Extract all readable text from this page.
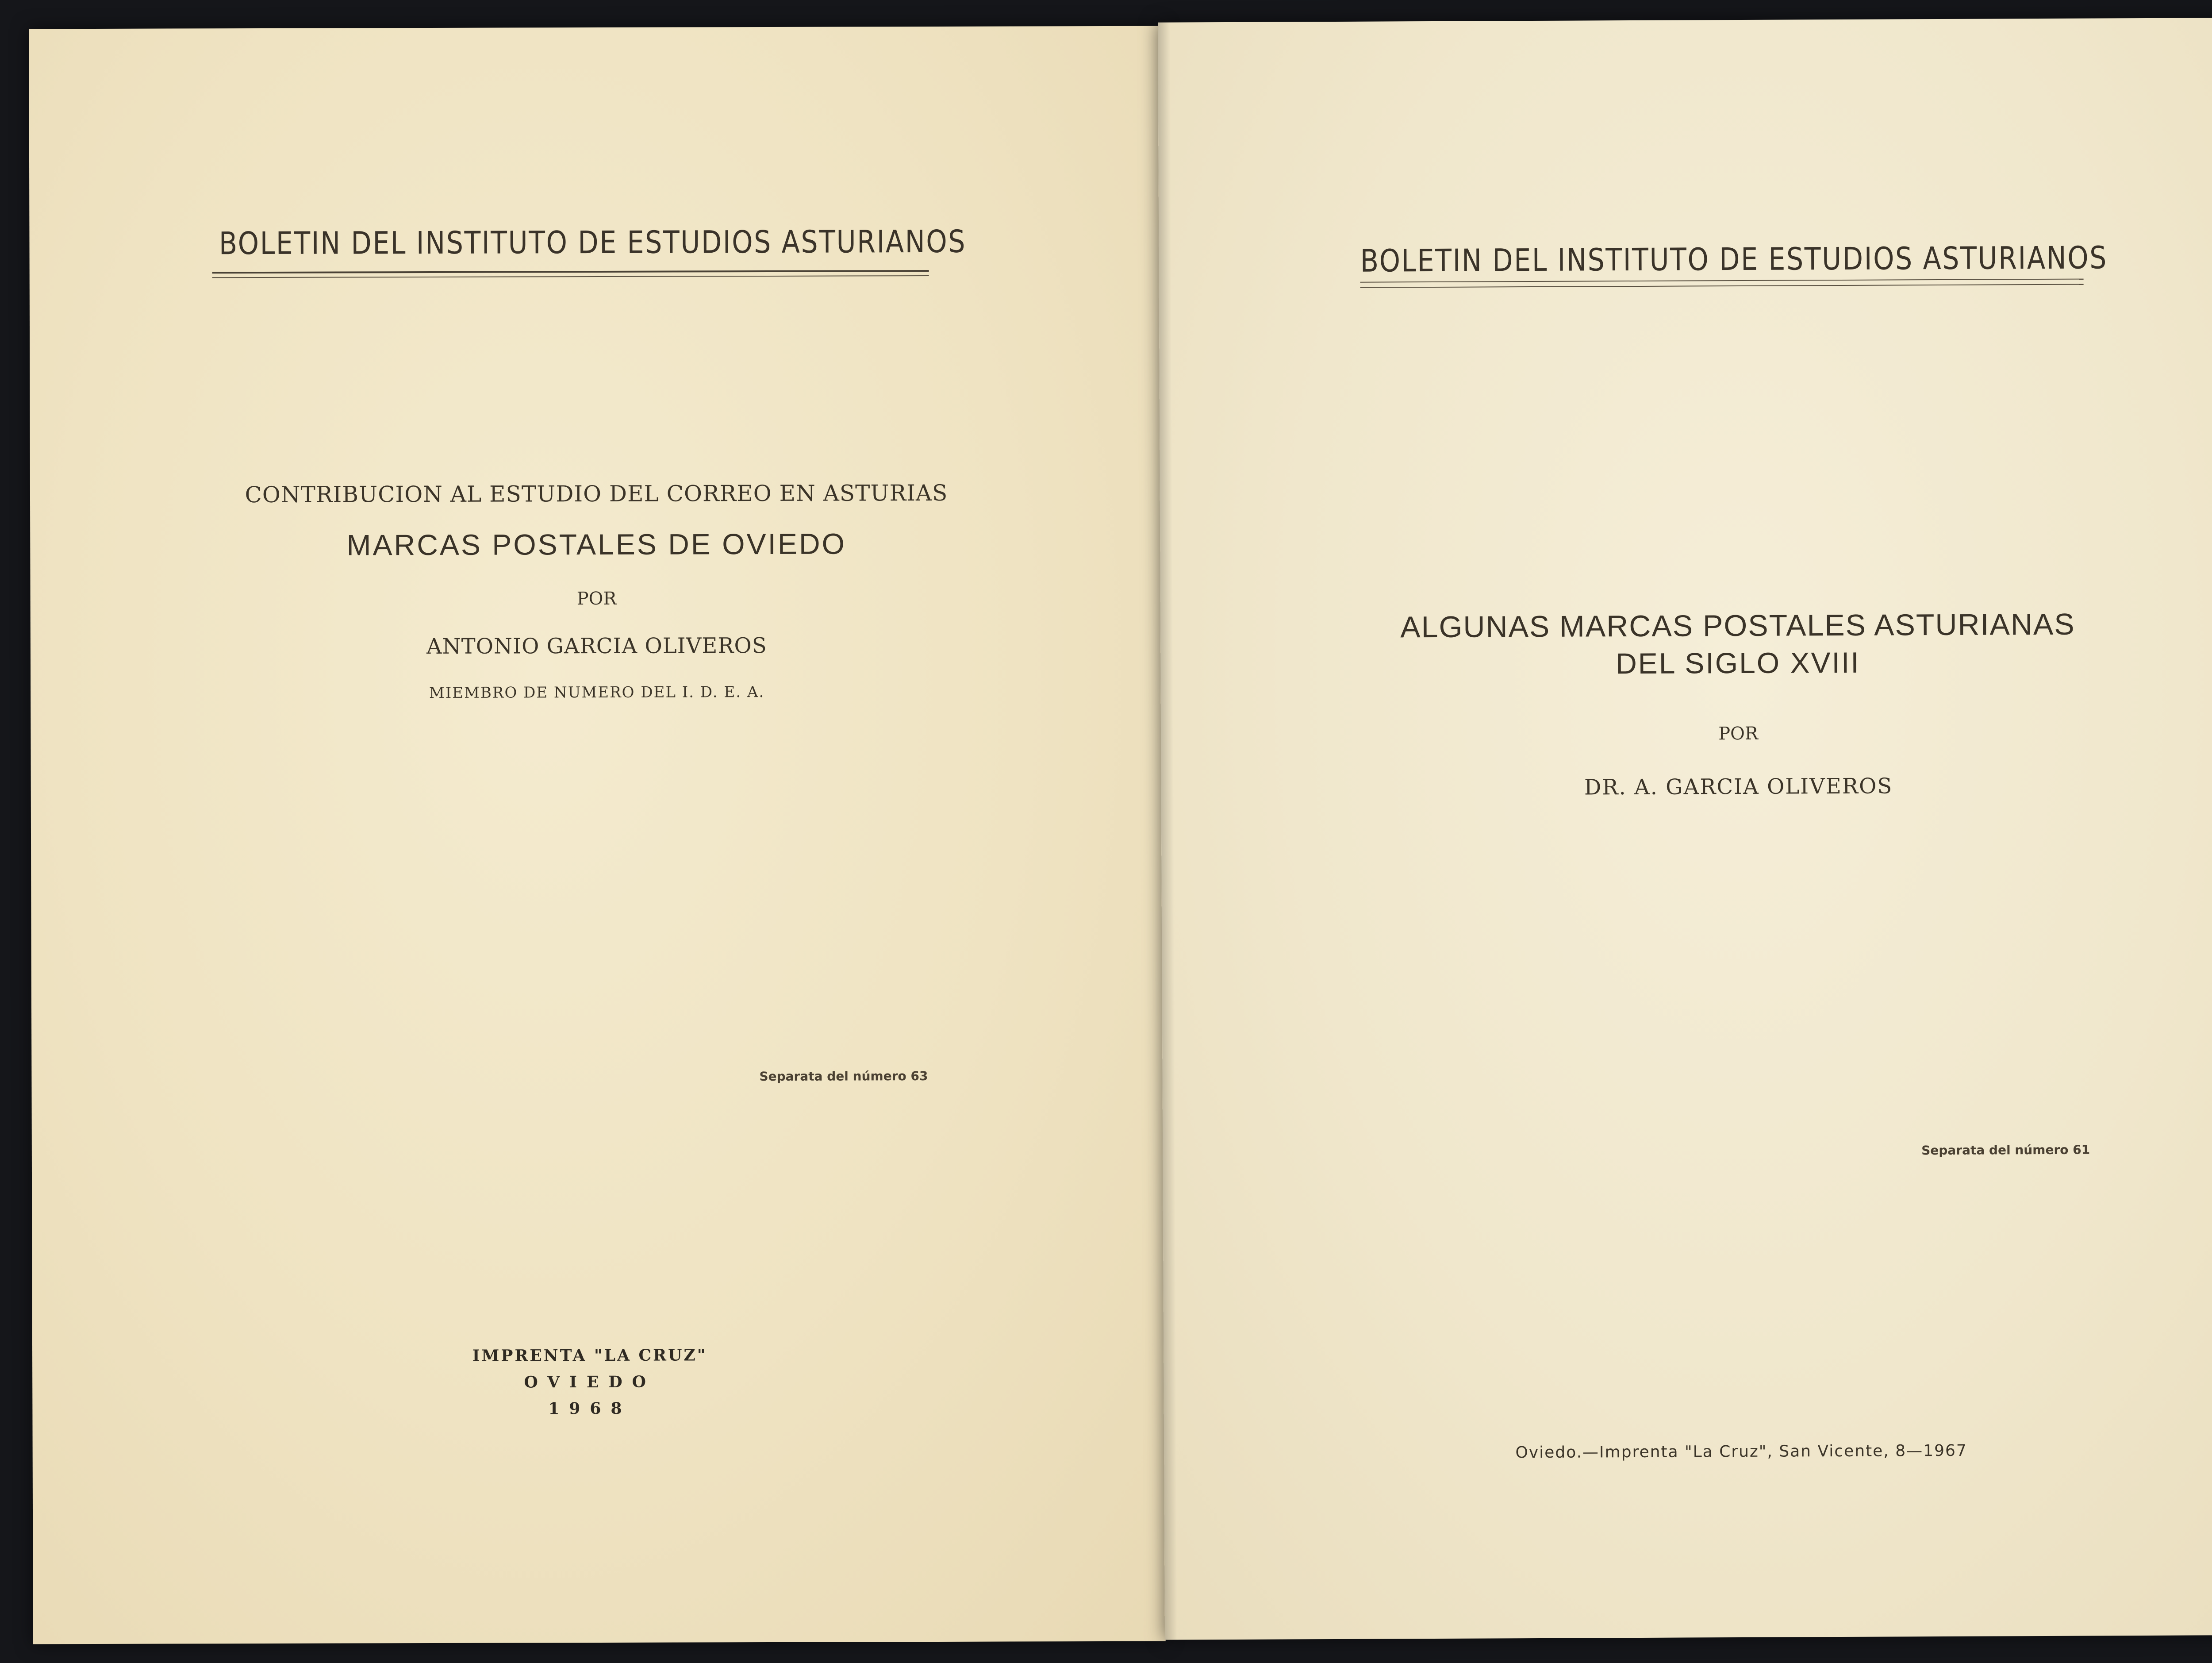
BOLETIN DEL INSTITUTO DE ESTUDIOS ASTURIANOS
CONTRIBUCION AL ESTUDIO DEL CORREO EN ASTURIAS
MARCAS POSTALES DE OVIEDO
POR
ANTONIO GARCIA OLIVEROS
MIEMBRO DE NUMERO DEL I. D. E. A.
Separata del número 63
IMPRENTA "LA CRUZ"
OVIEDO
1968
BOLETIN DEL INSTITUTO DE ESTUDIOS ASTURIANOS
ALGUNAS MARCAS POSTALES ASTURIANAS
DEL SIGLO XVIII
POR
DR. A. GARCIA OLIVEROS
Separata del número 61
Oviedo.—Imprenta "La Cruz", San Vicente, 8—1967
